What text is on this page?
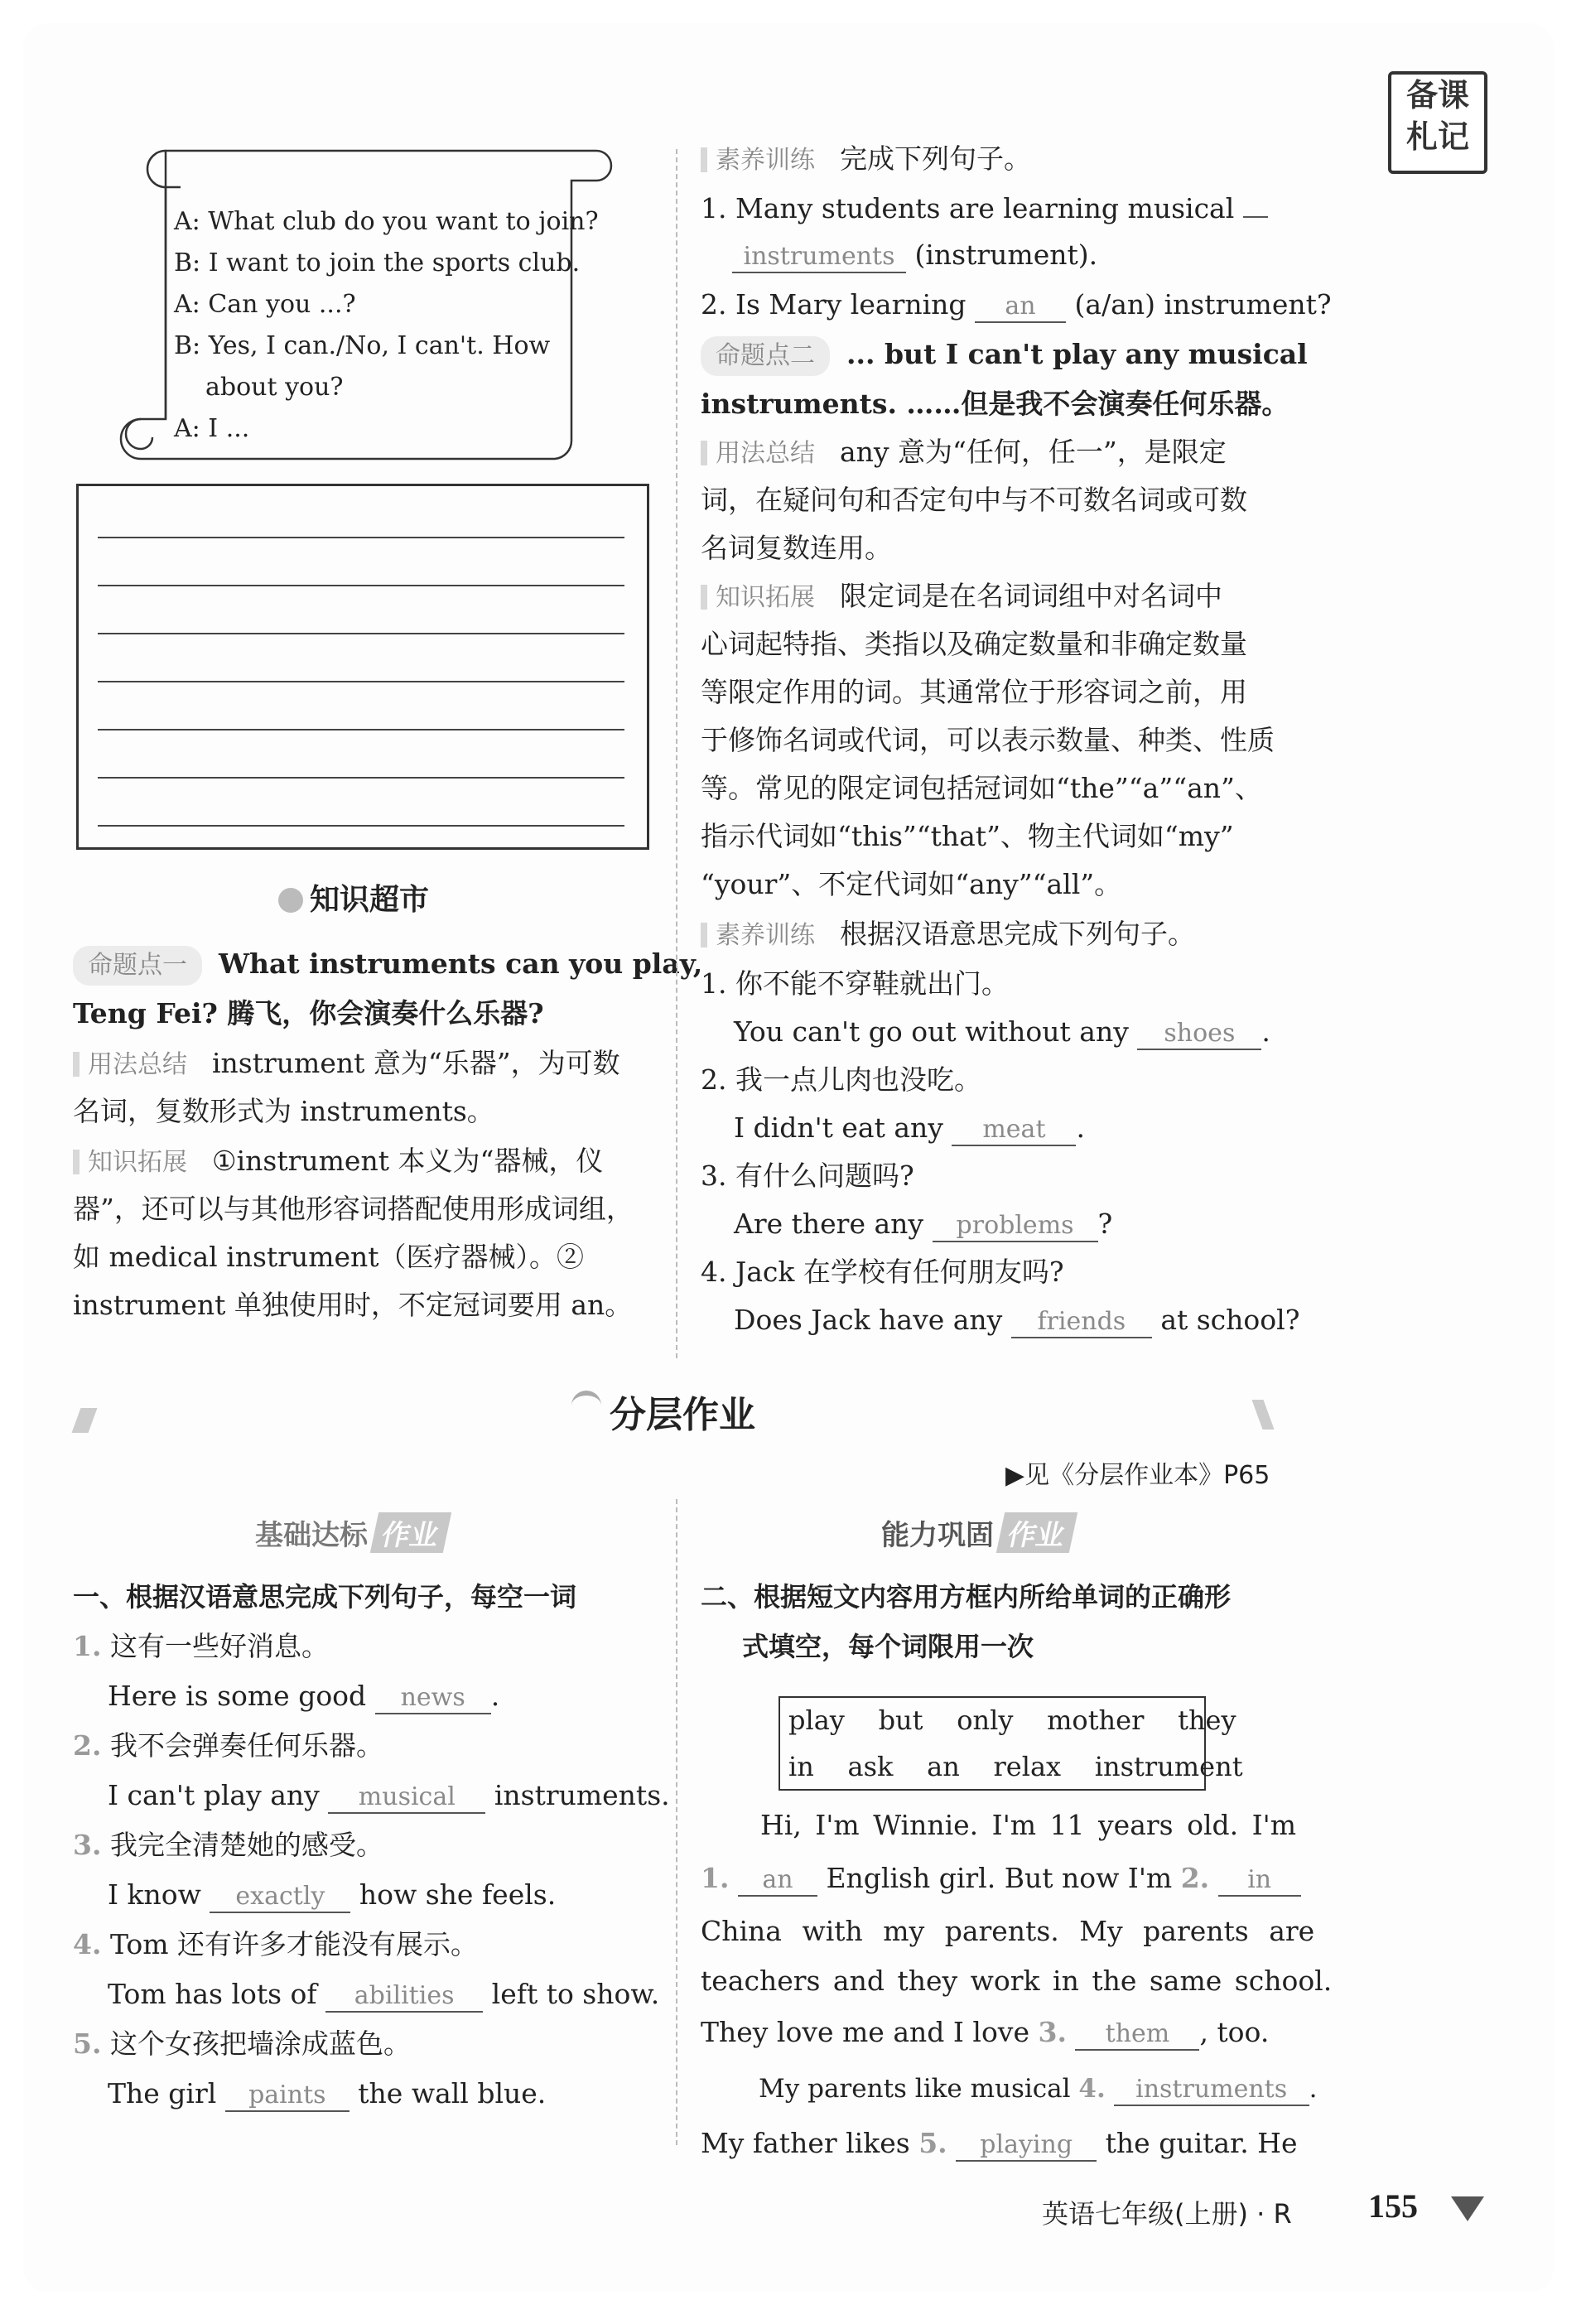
备课
札记
A: What club do you want to join?
B: I want to join the sports club.
A: Can you ...?
B: Yes, I can./No, I can't. How
about you?
A: I ...
知识超市
命题点一 What instruments can you play,
Teng Fei? 腾飞，你会演奏什么乐器?
用法总结 instrument 意为“乐器”，为可数
名词，复数形式为 instruments。
知识拓展 ①instrument 本义为“器械，仪
器”，还可以与其他形容词搭配使用形成词组，
如 medical instrument（医疗器械）。②
instrument 单独使用时，不定冠词要用 an。
素养训练 完成下列句子。
1. Many students are learning musical
instruments (instrument).
2. Is Mary learning an (a/an) instrument?
命题点二 ... but I can't play any musical
instruments. ……但是我不会演奏任何乐器。
用法总结 any 意为“任何，任一”，是限定
词，在疑问句和否定句中与不可数名词或可数
名词复数连用。
知识拓展 限定词是在名词词组中对名词中
心词起特指、类指以及确定数量和非确定数量
等限定作用的词。其通常位于形容词之前，用
于修饰名词或代词，可以表示数量、种类、性质
等。常见的限定词包括冠词如“the”“a”“an”、
指示代词如“this”“that”、物主代词如“my”
“your”、不定代词如“any”“all”。
素养训练 根据汉语意思完成下列句子。
1. 你不能不穿鞋就出门。
You can't go out without any shoes .
2. 我一点儿肉也没吃。
I didn't eat any meat .
3. 有什么问题吗?
Are there any problems ?
4. Jack 在学校有任何朋友吗?
Does Jack have any friends at school?
分层作业
▶见《分层作业本》P65
基础达标 作业	能力巩固 作业
一、根据汉语意思完成下列句子，每空一词
1. 这有一些好消息。
Here is some good news .
2. 我不会弹奏任何乐器。
I can't play any musical instruments.
3. 我完全清楚她的感受。
I know exactly how she feels.
4. Tom 还有许多才能没有展示。
Tom has lots of abilities left to show.
5. 这个女孩把墙涂成蓝色。
The girl paints the wall blue.
二、根据短文内容用方框内所给单词的正确形
式填空，每个词限用一次
play    but    only    mother    they
in    ask    an    relax    instrument
Hi, I'm Winnie. I'm 11 years old. I'm
1. an English girl. But now I'm 2. in
China with my parents. My parents are
teachers and they work in the same school.
They love me and I love 3. them , too.
My parents like musical 4. instruments .
My father likes 5. playing the guitar. He
英语七年级(上册) · R 155
